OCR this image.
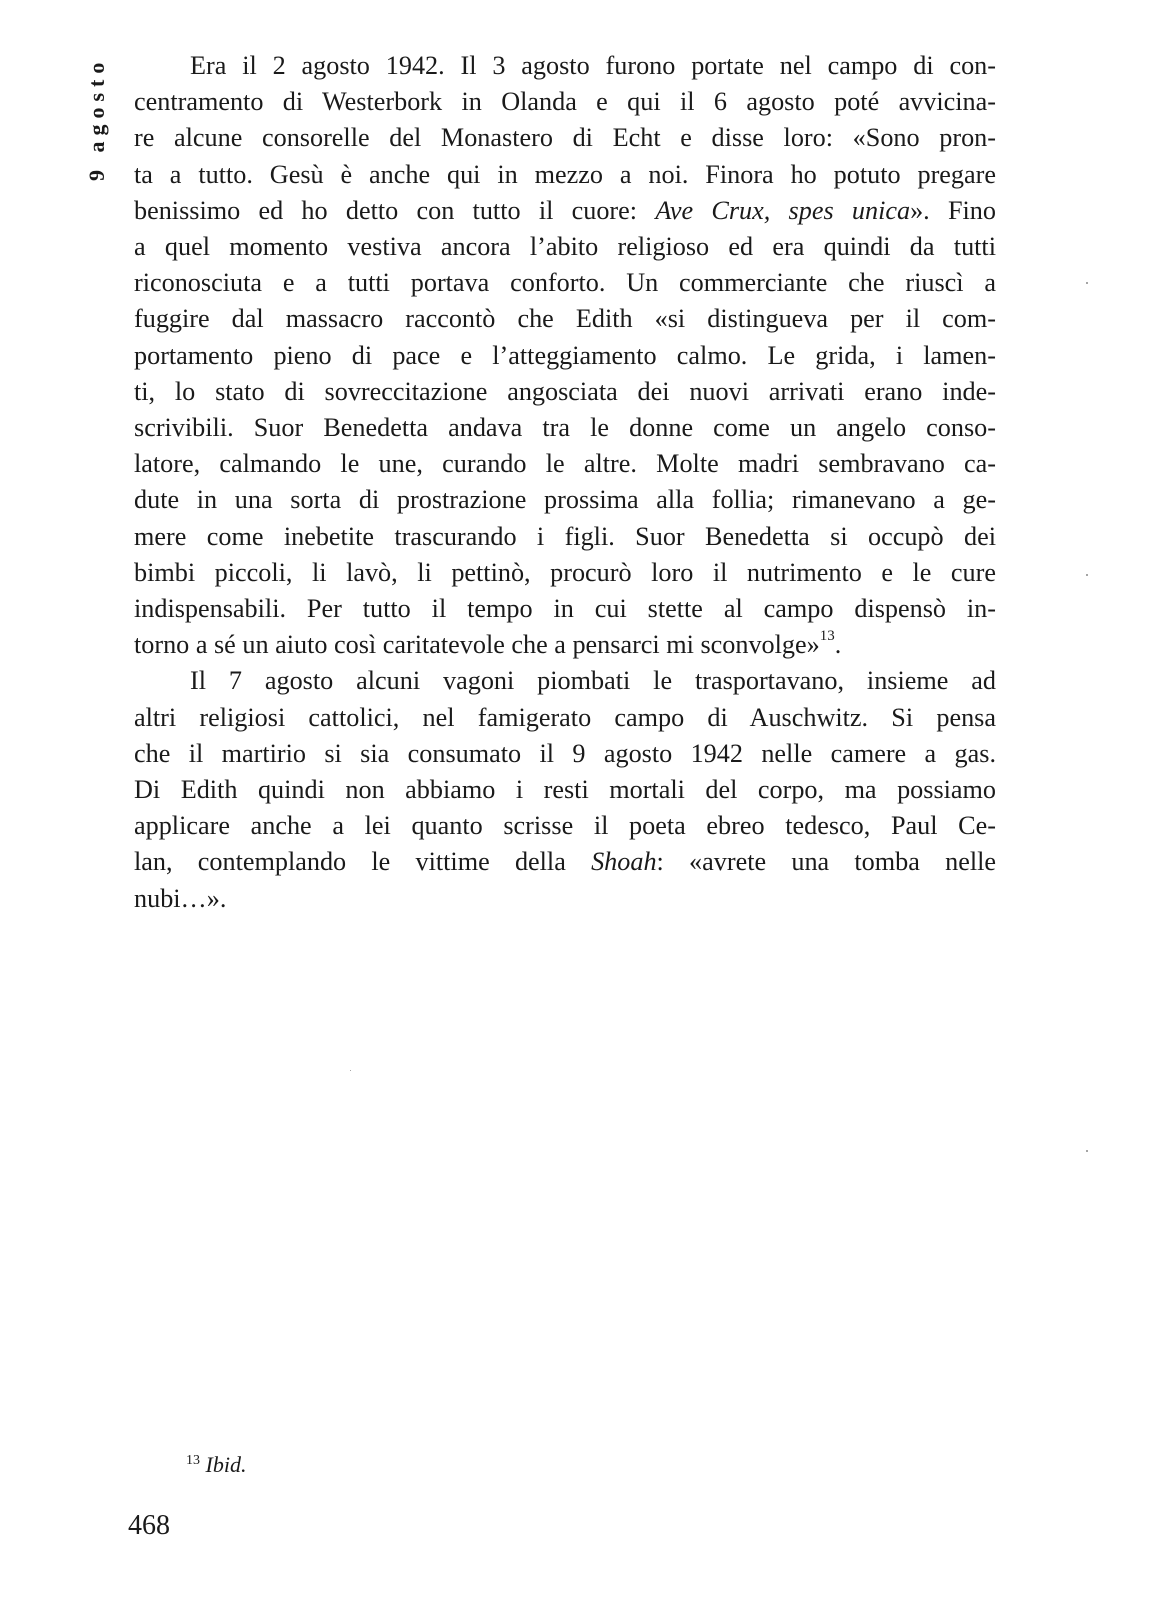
9 agosto	Era il 2 agosto 1942. Il 3 agosto furono portate nel campo di con-
centramento di Westerbork in Olanda e qui il 6 agosto poté avvicina-
re alcune consorelle del Monastero di Echt e disse loro: «Sono pron-
ta a tutto. Gesù è anche qui in mezzo a noi. Finora ho potuto pregare
benissimo ed ho detto con tutto il cuore: Ave Crux, spes unica». Fino
a quel momento vestiva ancora l’abito religioso ed era quindi da tutti
riconosciuta e a tutti portava conforto. Un commerciante che riuscì a
fuggire dal massacro raccontò che Edith «si distingueva per il com-
portamento pieno di pace e l’atteggiamento calmo. Le grida, i lamen-
ti, lo stato di sovreccitazione angosciata dei nuovi arrivati erano inde-
scrivibili. Suor Benedetta andava tra le donne come un angelo conso-
latore, calmando le une, curando le altre. Molte madri sembravano ca-
dute in una sorta di prostrazione prossima alla follia; rimanevano a ge-
mere come inebetite trascurando i figli. Suor Benedetta si occupò dei
bimbi piccoli, li lavò, li pettinò, procurò loro il nutrimento e le cure
indispensabili. Per tutto il tempo in cui stette al campo dispensò in-
torno a sé un aiuto così caritatevole che a pensarci mi sconvolge»$^{13}$.
Il 7 agosto alcuni vagoni piombati le trasportavano, insieme ad
altri religiosi cattolici, nel famigerato campo di Auschwitz. Si pensa
che il martirio si sia consumato il 9 agosto 1942 nelle camere a gas.
Di Edith quindi non abbiamo i resti mortali del corpo, ma possiamo
applicare anche a lei quanto scrisse il poeta ebreo tedesco, Paul Ce-
lan, contemplando le vittime della Shoah: «avrete una tomba nelle
nubi…».
$^{13}$ Ibid.
468
